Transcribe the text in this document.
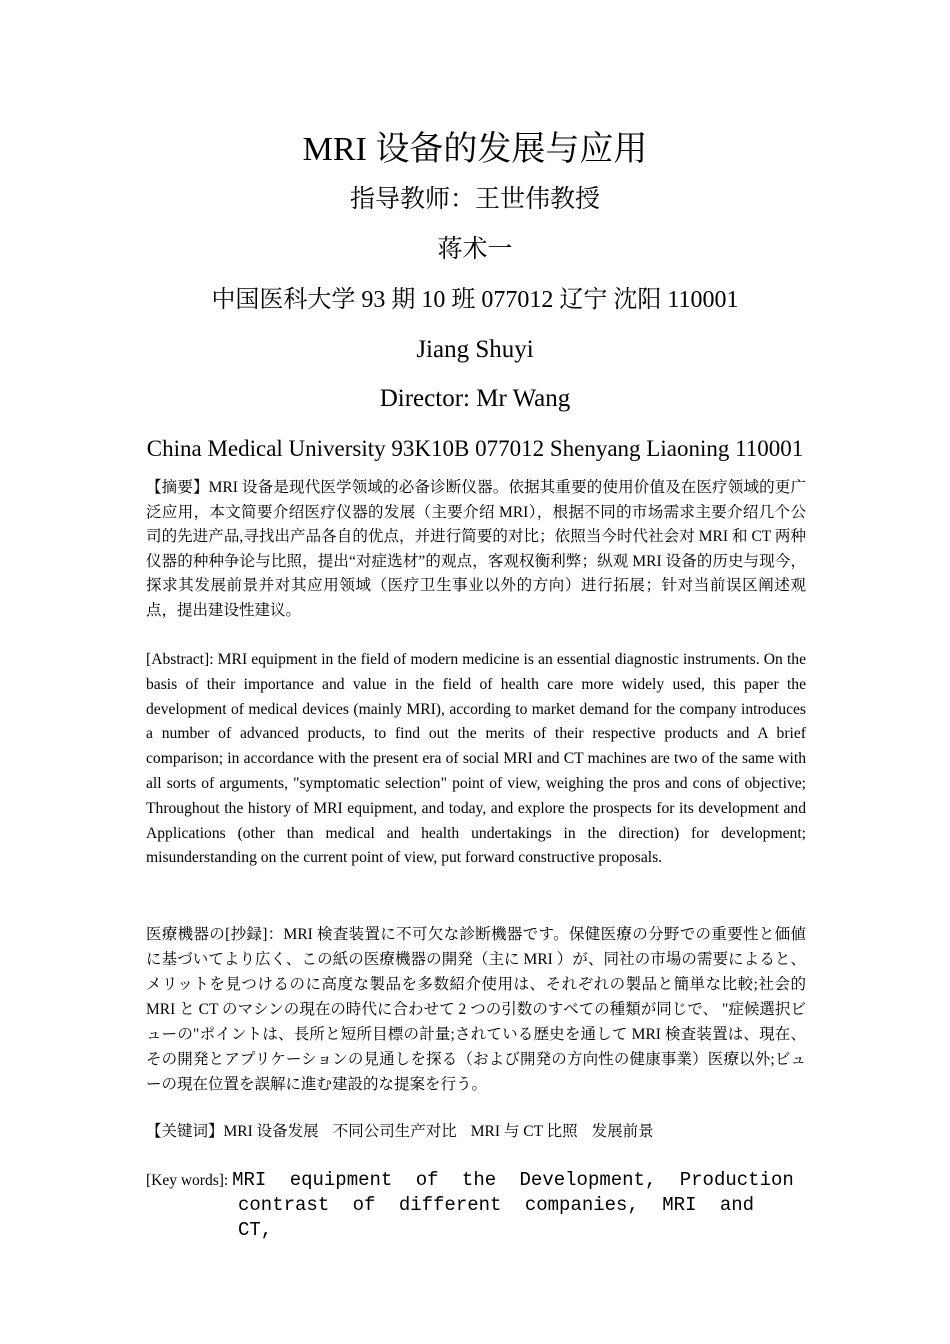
MRI 设备的发展与应用
指导教师：王世伟教授
蒋术一
中国医科大学 93 期 10 班 077012 辽宁 沈阳 110001
Jiang Shuyi
Director: Mr Wang
China Medical University 93K10B 077012 Shenyang Liaoning 110001
【摘要】MRI 设备是现代医学领域的必备诊断仪器。依据其重要的使用价值及在医疗领域的更广泛应用，本文简要介绍医疗仪器的发展（主要介绍 MRI），根据不同的市场需求主要介绍几个公司的先进产品,寻找出产品各自的优点，并进行简要的对比；依照当今时代社会对 MRI 和 CT 两种仪器的种种争论与比照，提出“对症选材”的观点，客观权衡利弊；纵观 MRI 设备的历史与现今，探求其发展前景并对其应用领域（医疗卫生事业以外的方向）进行拓展；针对当前误区阐述观点，提出建设性建议。
[Abstract]: MRI equipment in the field of modern medicine is an essential diagnostic instruments. On the basis of their importance and value in the field of health care more widely used, this paper the development of medical devices (mainly MRI), according to market demand for the company introduces a number of advanced products, to find out the merits of their respective products and A brief comparison; in accordance with the present era of social MRI and CT machines are two of the same with all sorts of arguments, "symptomatic selection" point of view, weighing the pros and cons of objective; Throughout the history of MRI equipment, and today, and explore the prospects for its development and Applications (other than medical and health undertakings in the direction) for development; misunderstanding on the current point of view, put forward constructive proposals.
医療機器の[抄録]：MRI 検査装置に不可欠な診断機器です。保健医療の分野での重要性と価値に基づいてより広く、この紙の医療機器の開発（主に MRI ）が、同社の市場の需要によると、メリットを見つけるのに高度な製品を多数紹介使用は、それぞれの製品と簡単な比較;社会的 MRI と CT のマシンの現在の時代に合わせて 2 つの引数のすべての種類が同じで、 "症候選択ビューの"ポイントは、長所と短所目標の計量;されている歴史を通して MRI 検査装置は、現在、その開発とアプリケーションの見通しを探る（および開発の方向性の健康事業）医療以外;ビューの現在位置を誤解に進む建設的な提案を行う。
【关键词】MRI 设备发展 不同公司生产对比 MRI 与 CT 比照 发展前景
[Key words]: MRI equipment of the Development, Production
contrast of different companies, MRI and CT,
